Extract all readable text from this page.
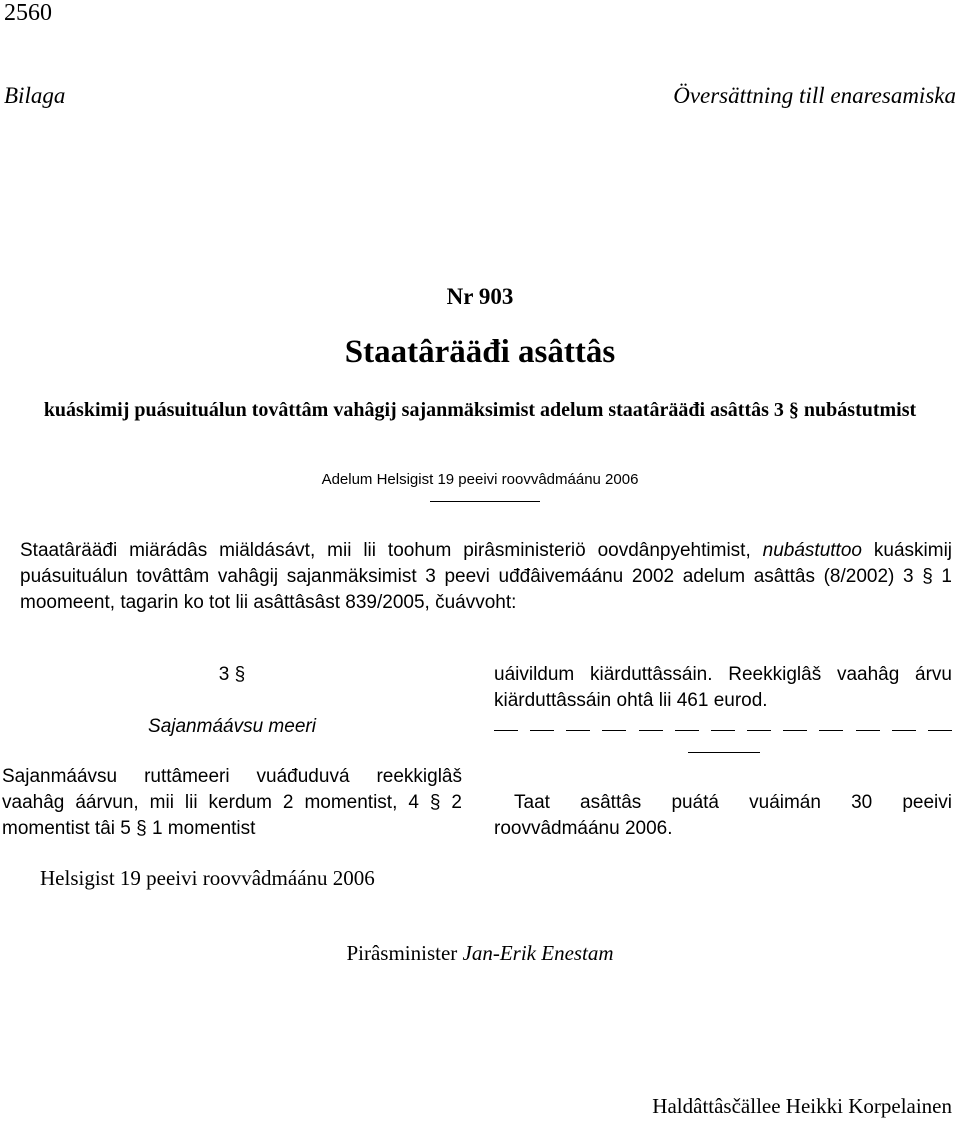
2560
Bilaga	Översättning till enaresamiska
Nr 903
Staatârääđi asâttâs
kuáskimij puásuituálun tovâttâm vahâgij sajanmäksimist adelum staatârääđi asâttâs 3 § nubástutmist
Adelum Helsigist 19 peeivi roovvâdmáánu 2006
Staatârääđi miärádâs miäldásávt, mii lii toohum pirâsministeriö oovdânpyehtimist, nubástuttoo kuáskimij puásuituálun tovâttâm vahâgij sajanmäksimist 3 peevi uđđâivemáánu 2002 adelum asâttâs (8/2002) 3 § 1 moomeent, tagarin ko tot lii asâttâsâst 839/2005, čuávvoht:
3 §
Sajanmáávsu meeri
Sajanmáávsu ruttâmeeri vuáđuduvá reekkiglâš vaahâg áárvun, mii lii kerdum 2 momentist, 4 § 2 momentist tâi 5 § 1 momentist
uáivildum kiärduttâssáin. Reekkiglâš vaahâg árvu kiärduttâssáin ohtâ lii 461 eurod.
Taat asâttâs puátá vuáimán 30 peeivi roovvâdmáánu 2006.
Helsigist 19 peeivi roovvâdmáánu 2006
Pirâsminister Jan-Erik Enestam
Haldâttâsčällee Heikki Korpelainen
